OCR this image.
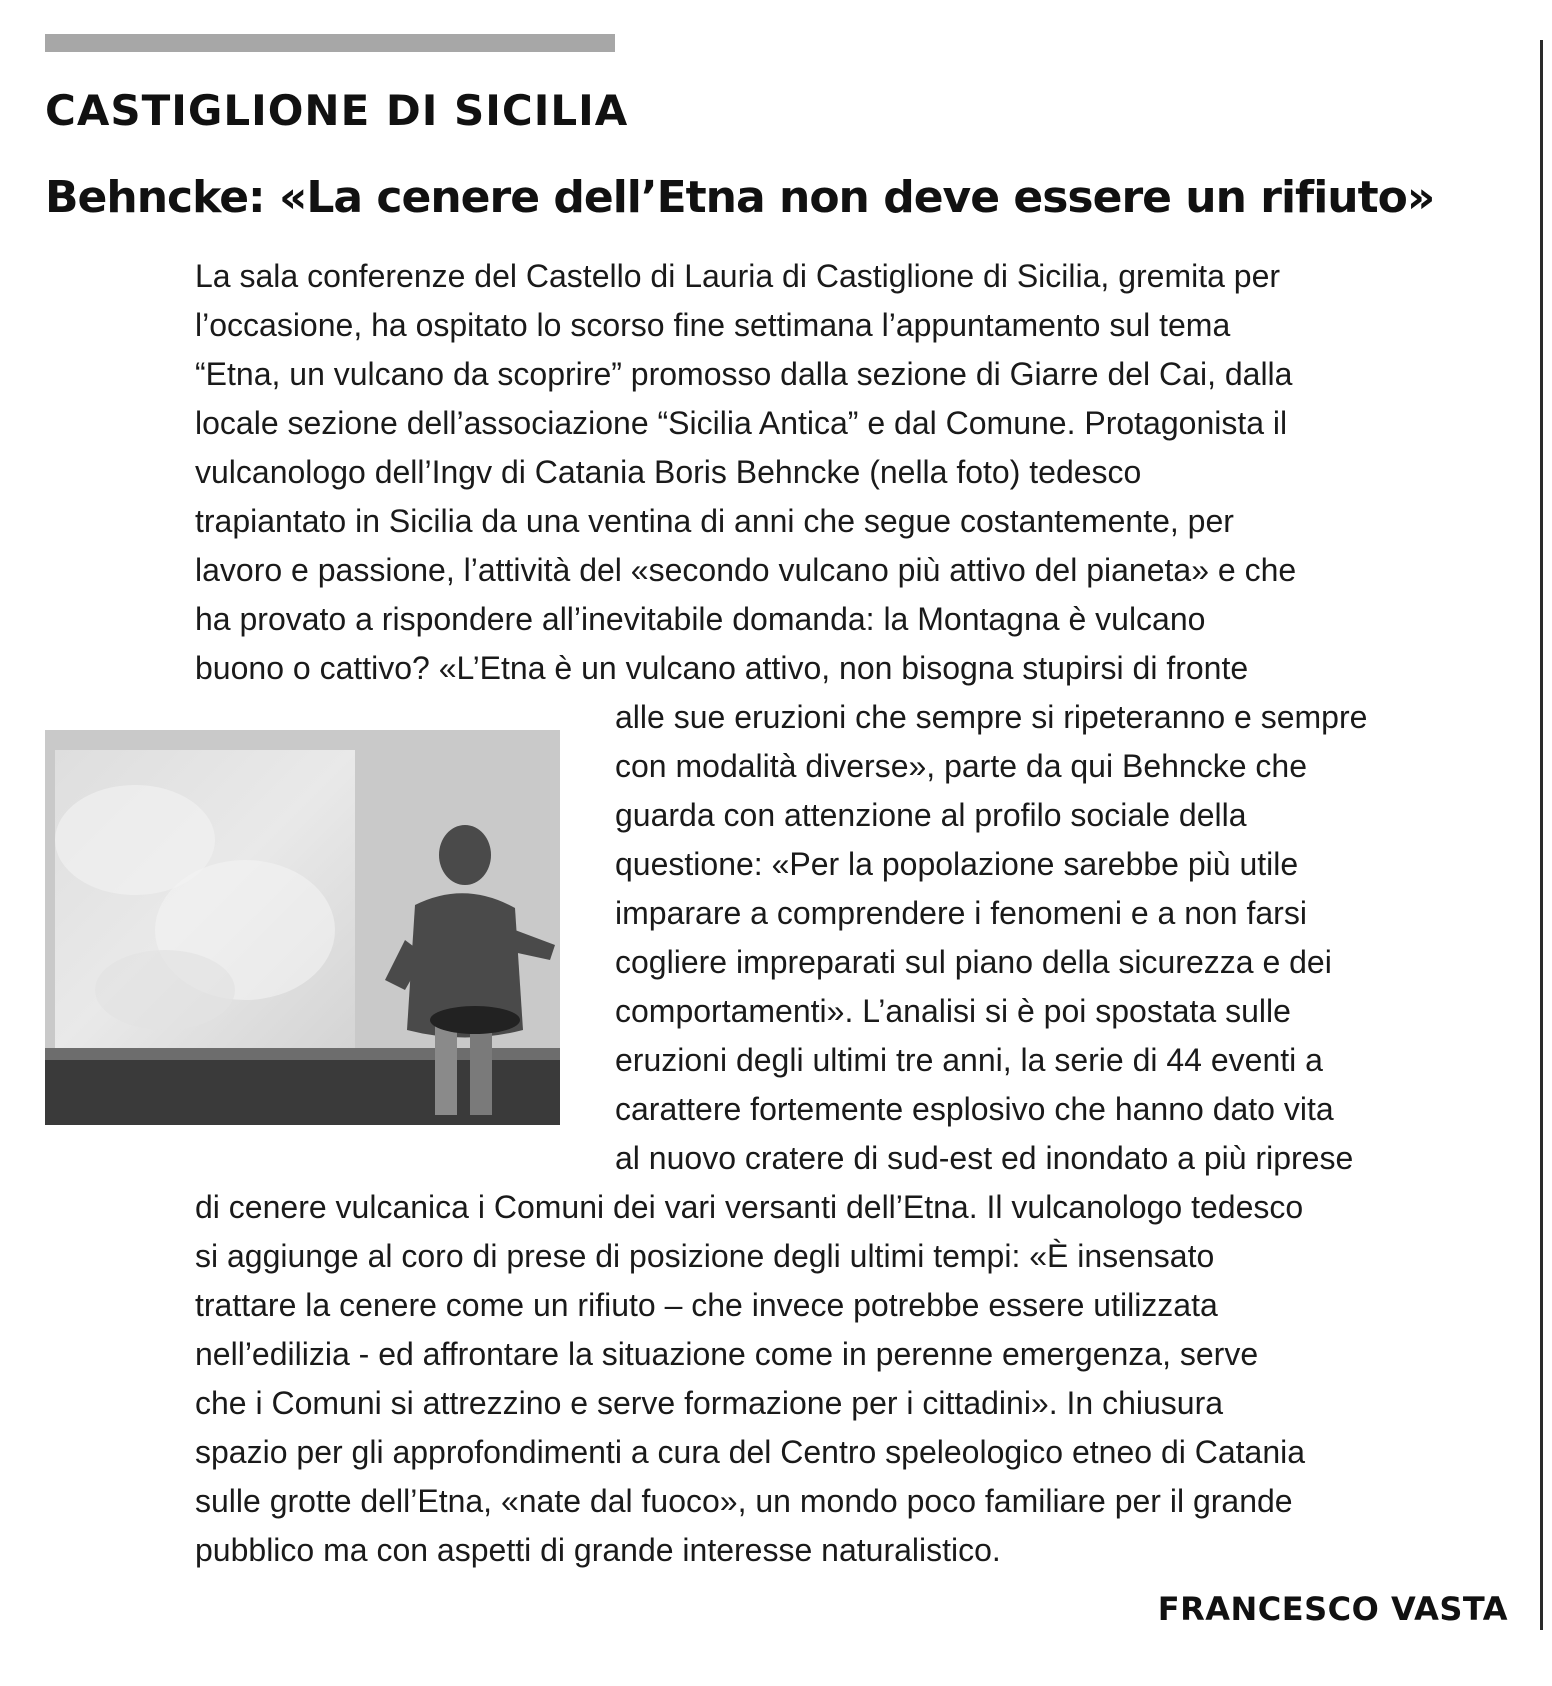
CASTIGLIONE DI SICILIA
Behncke: «La cenere dell’Etna non deve essere un rifiuto»
La sala conferenze del Castello di Lauria di Castiglione di Sicilia, gremita per
l’occasione, ha ospitato lo scorso fine settimana l’appuntamento sul tema
“Etna, un vulcano da scoprire” promosso dalla sezione di Giarre del Cai, dalla
locale sezione dell’associazione “Sicilia Antica” e dal Comune. Protagonista il
vulcanologo dell’Ingv di Catania Boris Behncke (nella foto) tedesco
trapiantato in Sicilia da una ventina di anni che segue costantemente, per
lavoro e passione, l’attività del «secondo vulcano più attivo del pianeta» e che
ha provato a rispondere all’inevitabile domanda: la Montagna è vulcano
buono o cattivo? «L’Etna è un vulcano attivo, non bisogna stupirsi di fronte
alle sue eruzioni che sempre si ripeteranno e sempre
con modalità diverse», parte da qui Behncke che
guarda con attenzione al profilo sociale della
questione: «Per la popolazione sarebbe più utile
imparare a comprendere i fenomeni e a non farsi
cogliere impreparati sul piano della sicurezza e dei
comportamenti». L’analisi si è poi spostata sulle
eruzioni degli ultimi tre anni, la serie di 44 eventi a
carattere fortemente esplosivo che hanno dato vita
al nuovo cratere di sud-est ed inondato a più riprese
di cenere vulcanica i Comuni dei vari versanti dell’Etna. Il vulcanologo tedesco
si aggiunge al coro di prese di posizione degli ultimi tempi: «È insensato
trattare la cenere come un rifiuto – che invece potrebbe essere utilizzata
nell’edilizia - ed affrontare la situazione come in perenne emergenza, serve
che i Comuni si attrezzino e serve formazione per i cittadini». In chiusura
spazio per gli approfondimenti a cura del Centro speleologico etneo di Catania
sulle grotte dell’Etna, «nate dal fuoco», un mondo poco familiare per il grande
pubblico ma con aspetti di grande interesse naturalistico.

FRANCESCO VASTA
